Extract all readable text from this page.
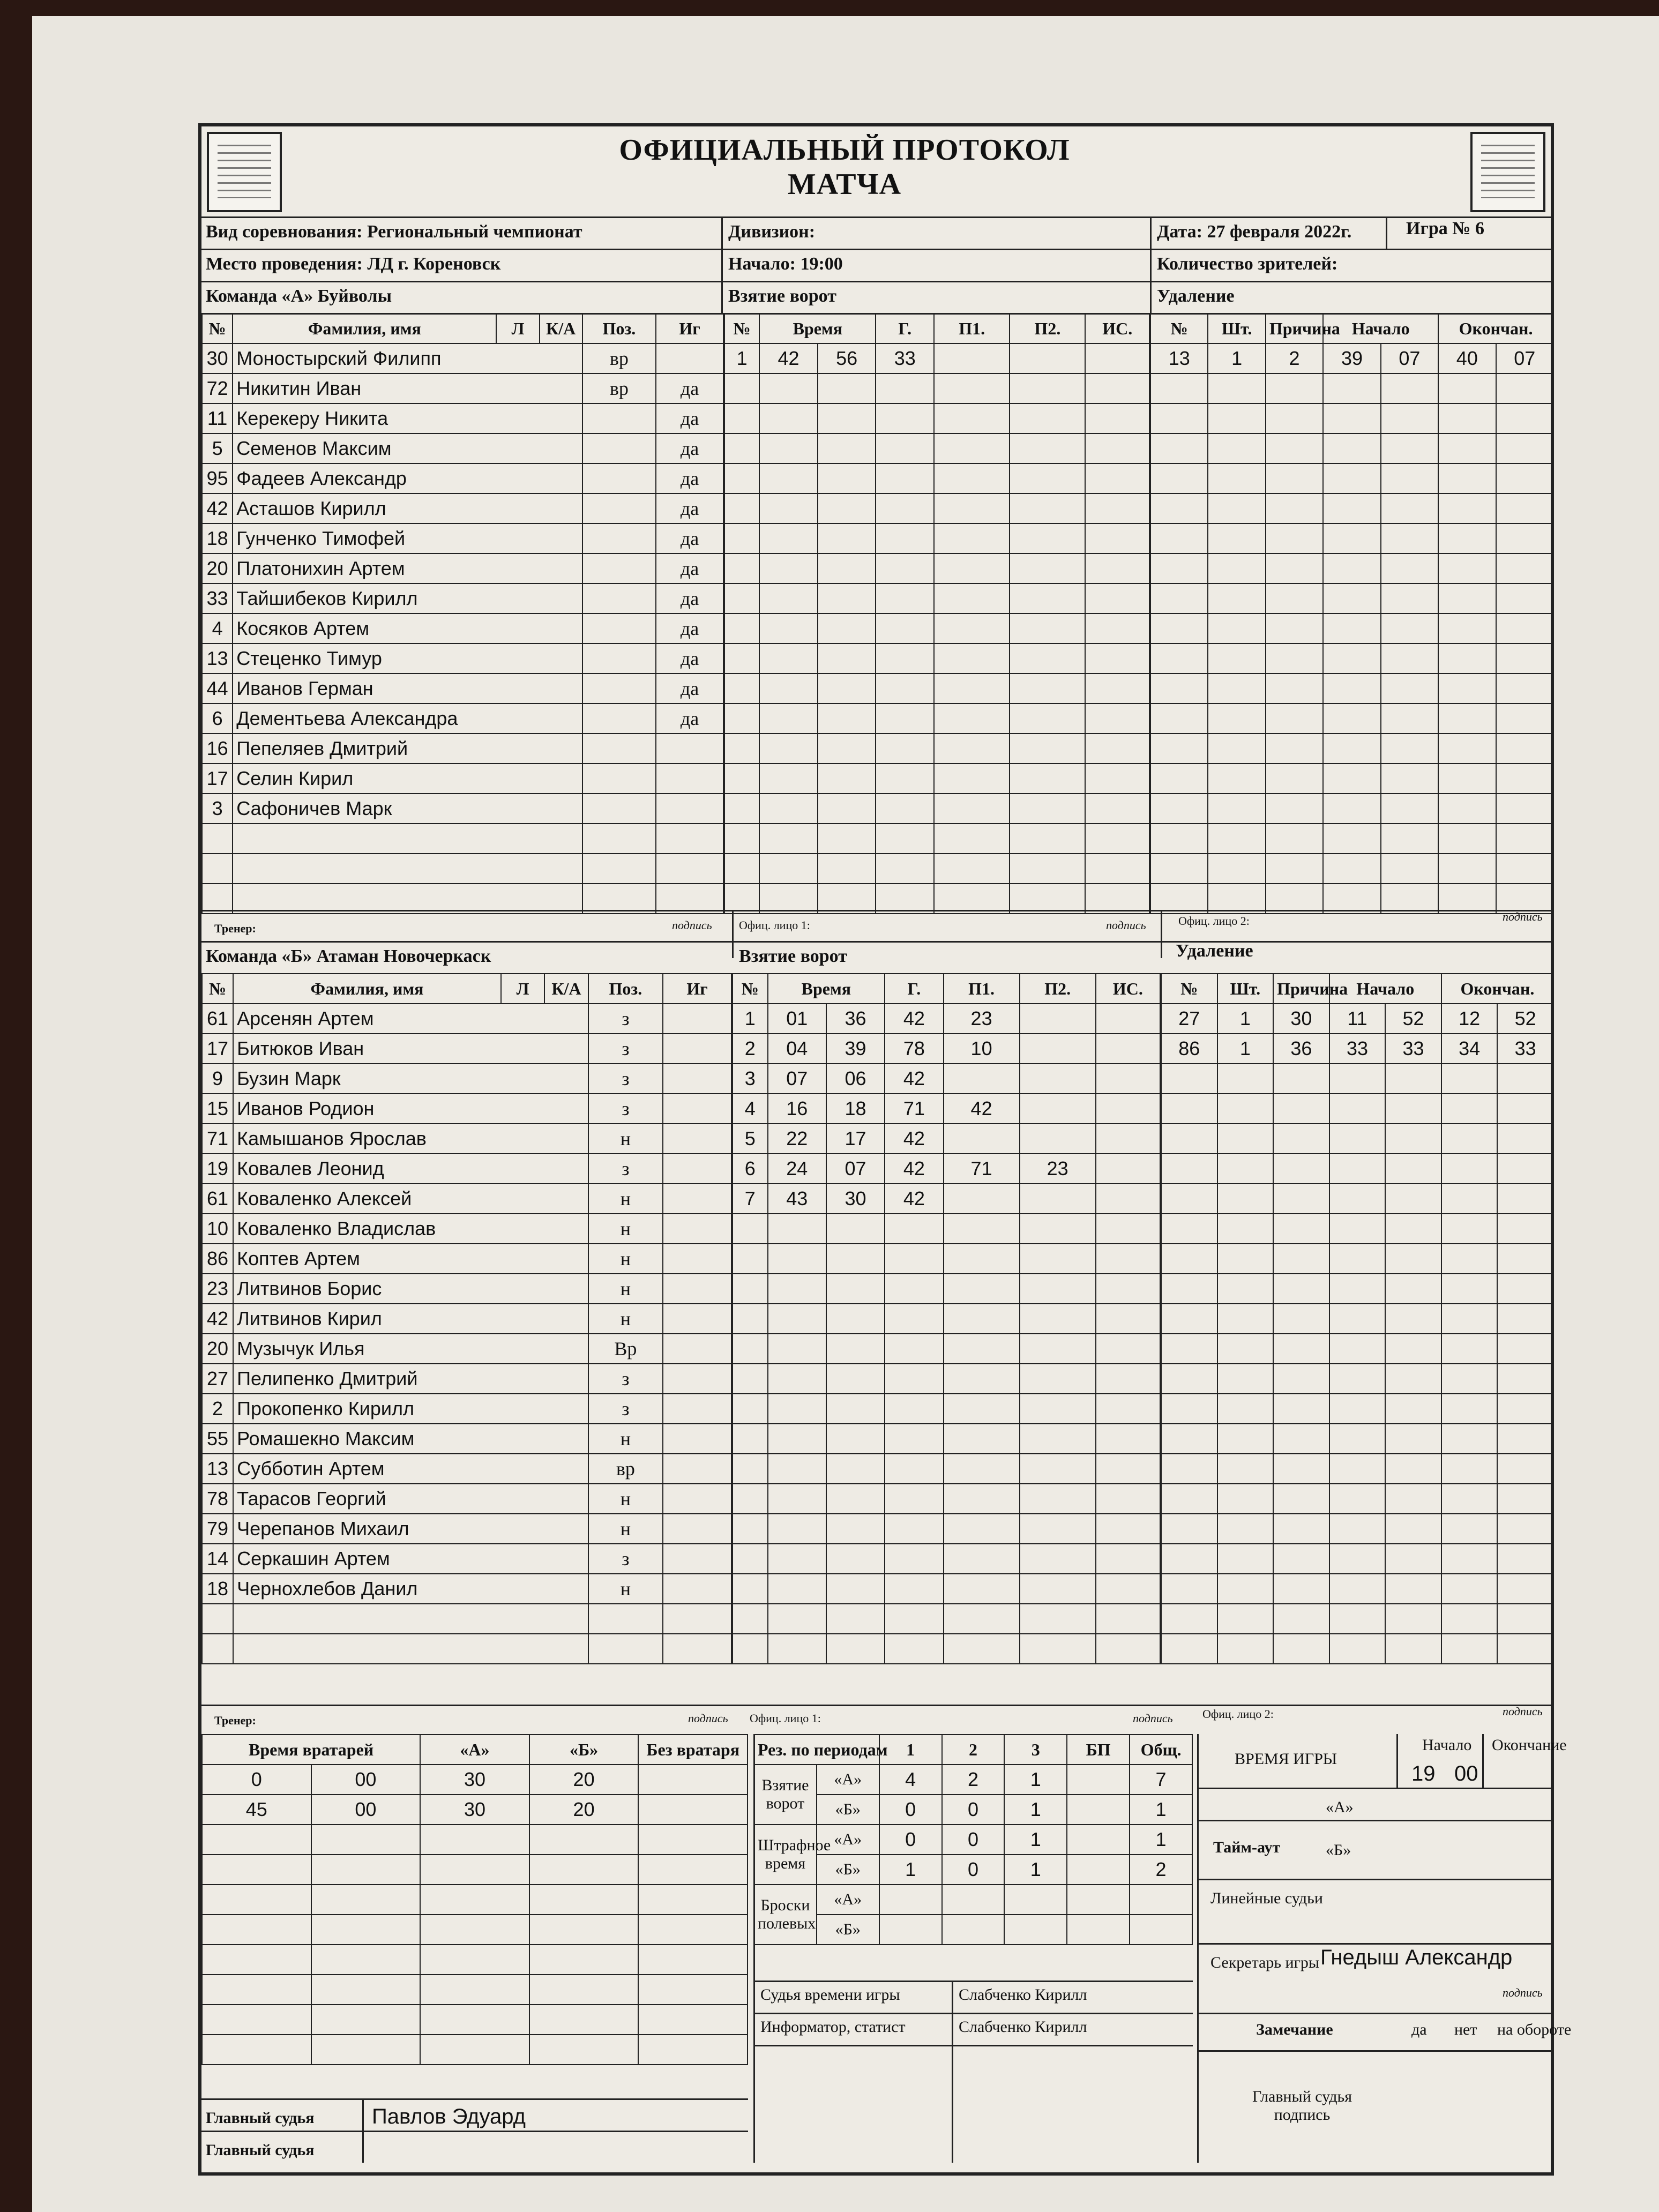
ОФИЦИАЛЬНЫЙ ПРОТОКОЛ МАТЧА
Вид соревнования: Региональный чемпионат
Место проведения: ЛД г. Кореновск
Команда «А» Буйволы
Дивизион:
Начало: 19:00
Взятие ворот
Дата: 27 февраля 2022г.	Игра № 6
Количество зрителей:
Удаление
№	Фамилия, имя	Л	К/А	Поз.	Иг
30	Моностырский Филипп			вр	
72	Никитин Иван			вр	да
11	Керекеру Никита				да
5	Семенов Максим				да
95	Фадеев Александр				да
42	Асташов Кирилл				да
18	Гунченко Тимофей				да
20	Платонихин Артем				да
33	Тайшибеков Кирилл				да
4	Косяков Артем				да
13	Стеценко Тимур				да
44	Иванов Герман				да
6	Дементьева Александра				да
16	Пепеляев Дмитрий				
17	Селин Кирил				
3	Сафоничев Марк				

№	Время		Г.	П1.	П2.	ИС.
1	42	56	33			

№	Шт.	Причина	Начало		Окончан.	
13	1	2	39	07	40	07

Тренер:	подпись	Офиц. лицо 1:	подпись	Офиц. лицо 2:	подпись
Команда «Б» Атаман Новочеркаск	Взятие ворот	Удаление
№	Фамилия, имя	Л	К/А	Поз.	Иг
61	Арсенян Артем			з	
17	Битюков Иван			з	
9	Бузин Марк			з	
15	Иванов Родион			з	
71	Камышанов Ярослав			н	
19	Ковалев Леонид			з	
61	Коваленко Алексей			н	
10	Коваленко Владислав			н	
86	Коптев Артем			н	
23	Литвинов Борис			н	
42	Литвинов Кирил			н	
20	Музычук Илья			Вр	
27	Пелипенко Дмитрий			з	
2	Прокопенко Кирилл			з	
55	Ромашекно Максим			н	
13	Субботин Артем			вр	
78	Тарасов Георгий			н	
79	Черепанов Михаил			н	
14	Серкашин Артем			з	
18	Чернохлебов Данил			н	

№	Время		Г.	П1.	П2.	ИС.
1	01	36	42	23		
2	04	39	78	10		
3	07	06	42			
4	16	18	71	42		
5	22	17	42			
6	24	07	42	71	23	
7	43	30	42			

№	Шт.	Причина	Начало		Окончан.	
27	1	30	11	52	12	52
86	1	36	33	33	34	33

Тренер:	подпись	Офиц. лицо 1:	подпись	Офиц. лицо 2:	подпись
Время вратарей		«А»	«Б»	Без вратаря
0	00	30	20	
45	00	30	20	

Рез. по периодам		1	2	3	БП	Общ.
Взятие ворот	«А»	4	2	1		7
	«Б»	0	0	1		1
Штрафное время	«А»	0	0	1		1
	«Б»	1	0	1		2
Броски полевых	«А»					
	«Б»					
Главный судья	Павлов Эдуард
Главный судья
Судья времени игры	Слабченко Кирилл
Информатор, статист	Слабченко Кирилл
ВРЕМЯ ИГРЫ
Начало Окончание
19 00
Тайм-аут
«А»
«Б»
Линейные судьи
Секретарь игры Гнедыш Александр
подпись
Замечание	да нет на обороте
Главный судья подпись
